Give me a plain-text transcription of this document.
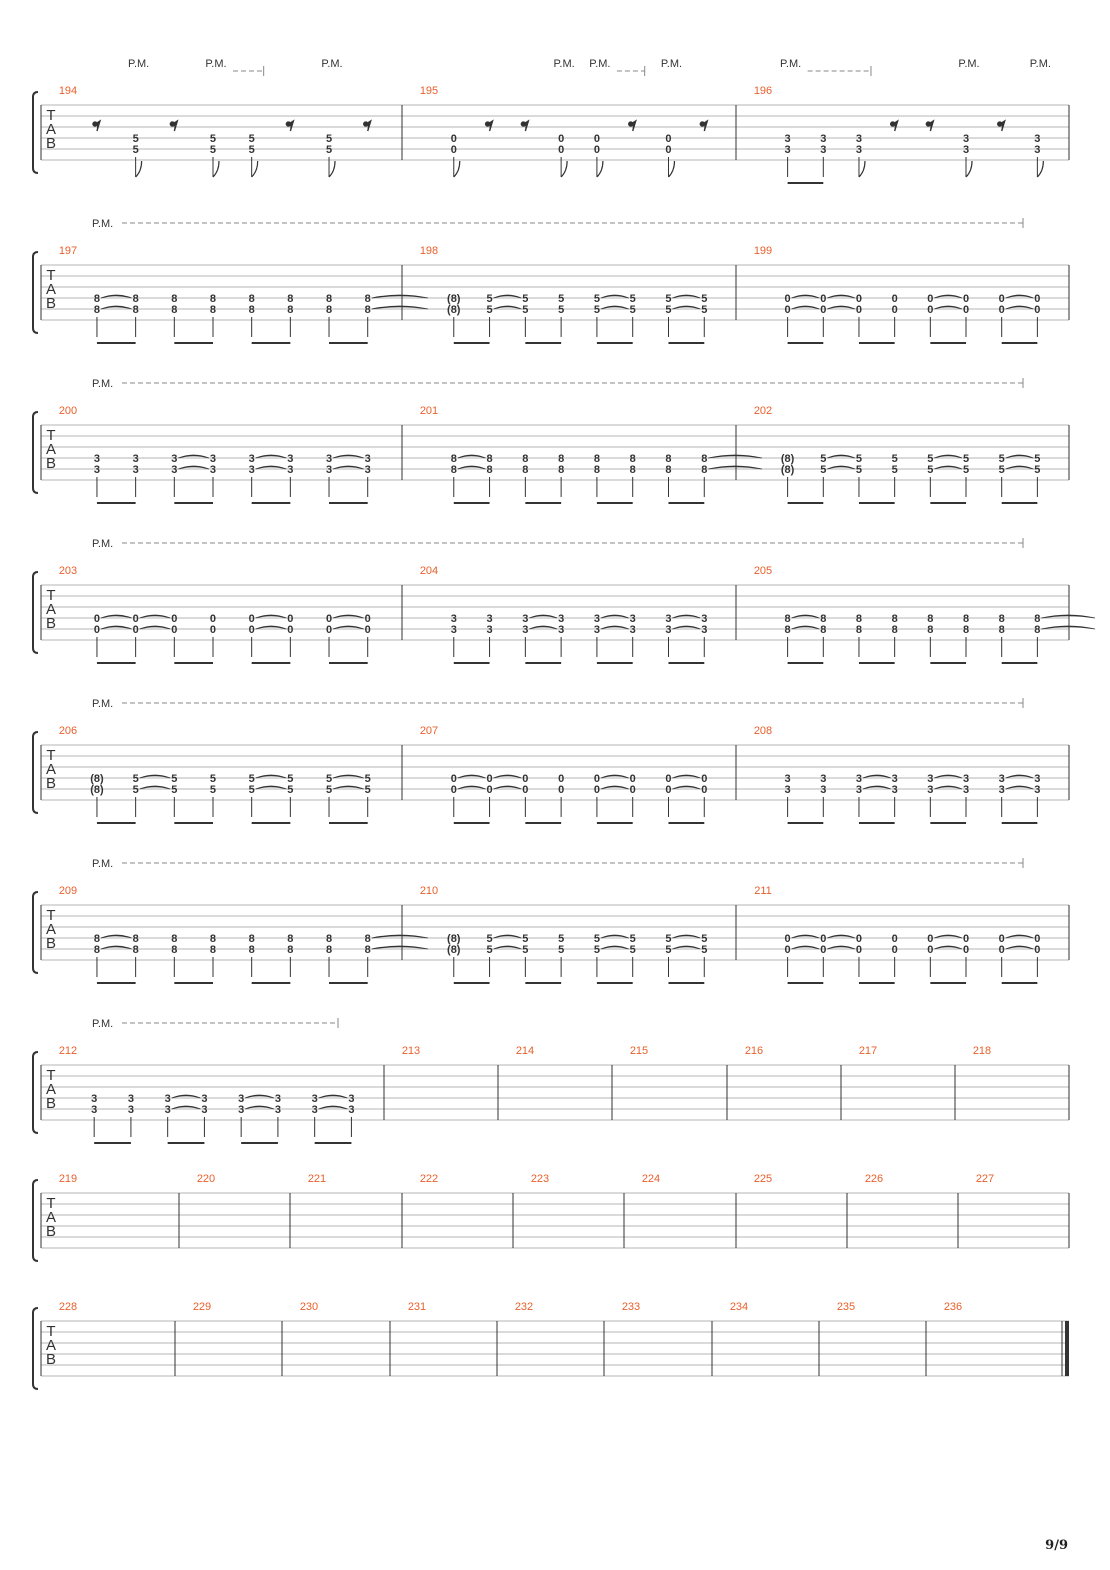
T
A
B
194
5
5
5
5
5
5
5
5
195
0
0
0
0
0
0
0
0
196
3
3
3
3
3
3
3
3
3
3
P.M.	P.M.	P.M.	P.M. P.M.	P.M.	P.M.	P.M.	P.M.
T
A
B
197
8
8
8
8
8
8
8
8
8
8
8
8
8
8
8
8
198
(8)
(8)
5
5
5
5
5
5
5
5
5
5
5
5
5
5
199
0
0
0
0
0
0
0
0
0
0
0
0
0
0
0
0
P.M.
T
A
B
200
3
3
3
3
3
3
3
3
3
3
3
3
3
3
3
3
201
8
8
8
8
8
8
8
8
8
8
8
8
8
8
8
8
202
(8)
(8)
5
5
5
5
5
5
5
5
5
5
5
5
5
5
P.M.
T
A
B
203
0
0
0
0
0
0
0
0
0
0
0
0
0
0
0
0
204
3
3
3
3
3
3
3
3
3
3
3
3
3
3
3
3
205
8
8
8
8
8
8
8
8
8
8
8
8
8
8
8
8
P.M.
T
A
B
206
(8)
(8)
5
5
5
5
5
5
5
5
5
5
5
5
5
5
207
0
0
0
0
0
0
0
0
0
0
0
0
0
0
0
0
208
3
3
3
3
3
3
3
3
3
3
3
3
3
3
3
3
P.M.
T
A
B
209
8
8
8
8
8
8
8
8
8
8
8
8
8
8
8
8
210
(8)
(8)
5
5
5
5
5
5
5
5
5
5
5
5
5
5
211
0
0
0
0
0
0
0
0
0
0
0
0
0
0
0
0
P.M.
T
A
B
212
3
3
3
3
3
3
3
3
3
3
3
3
3
3
3
3
213	214	215	216	217	218
P.M.
T
A
B
219	220	221	222	223	224	225	226	227
T
A
B
228	229	230	231	232	233	234	235	236
9/9
